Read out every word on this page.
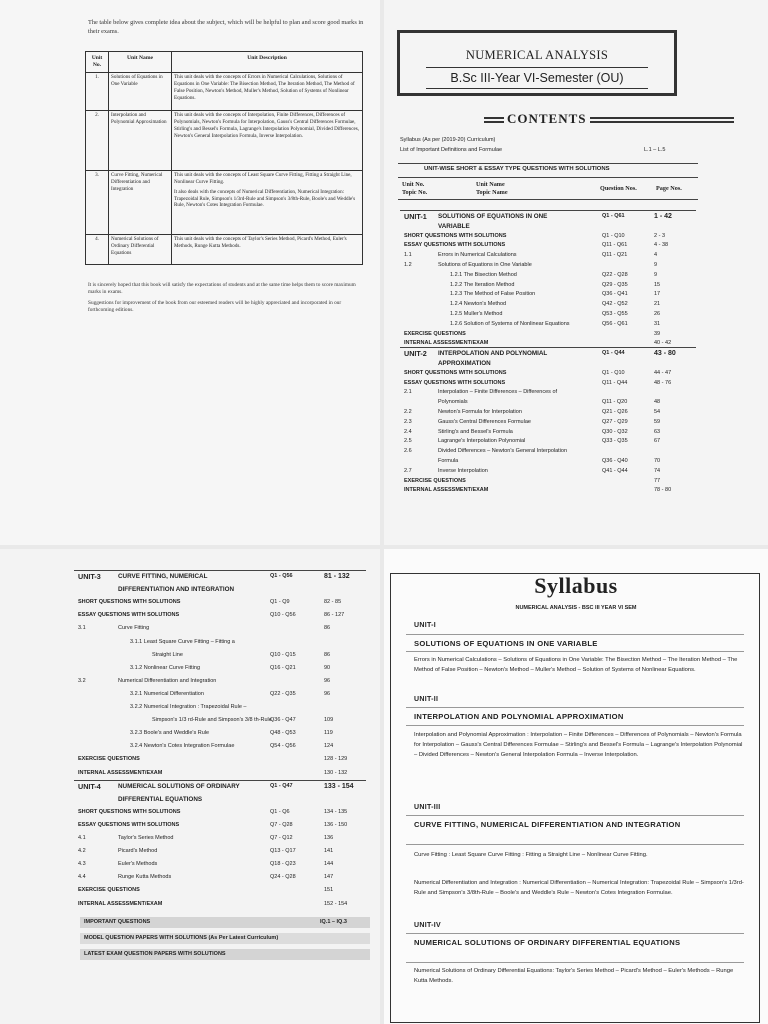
The table below gives complete idea about the subject, which will be helpful to plan and score good marks in their exams.
Unit No.	Unit Name	Unit Description
1.	Solutions of Equations in One Variable	This unit deals with the concepts of Errors in Numerical Calculations, Solutions of Equations in One Variable: The Bisection Method, The Iteration Method, The Method of False Position, Newton's Method, Muller's Method, Solution of Systems of Nonlinear Equations.
2.	Interpolation and Polynomial Approximation	This unit deals with the concepts of Interpolation, Finite Differences, Differences of Polynomials, Newton's Formula for Interpolation, Gauss's Central Differences Formulae, Stirling's and Bessel's Formula, Lagrange's Interpolation Polynomial, Divided Differences, Newton's General Interpolation Formula, Inverse Interpolation.
3.	Curve Fitting, Numerical Differentiation and Integration	This unit deals with the concepts of Least Square Curve Fitting, Fitting a Straight Line, Nonlinear Curve Fitting.
It also deals with the concepts of Numerical Differentiation, Numerical Integration: Trapezoidal Rule, Simpson's 1/3rd-Rule and Simpson's 3/8th-Rule, Boole's and Weddle's Rule, Newton's Cotes Integration Formulae.

4.	Numerical Solutions of Ordinary Differential Equations	This unit deals with the concepts of Taylor's Series Method, Picard's Method, Euler's Methods, Runge Kutta Methods.
It is sincerely hoped that this book will satisfy the expectations of students and at the same time helps them to score maximum marks in exams.
Suggestions for improvement of the book from our esteemed readers will be highly appreciated and incorporated in our forthcoming editions.
NUMERICAL ANALYSIS
B.Sc III-Year VI-Semester (OU)
CONTENTS
Syllabus (As per (2019-20) Curriculum)
List of Important Definitions and Formulae	L.1 – L.5
UNIT-WISE SHORT & ESSAY TYPE QUESTIONS WITH SOLUTIONS
Unit No.
Topic No.
Unit Name
Topic Name
Question Nos.	Page Nos.
UNIT-1 SOLUTIONS OF EQUATIONS IN ONE	Q1 - Q61	1 - 42
VARIABLE
SHORT QUESTIONS WITH SOLUTIONS	Q1 - Q10	2 - 3
ESSAY QUESTIONS WITH SOLUTIONS	Q11 - Q61	4 - 38
1.1	Errors in Numerical Calculations	Q11 - Q21	4
1.2	Solutions of Equations in One Variable	9
1.2.1 The Bisection Method	Q22 - Q28	9
1.2.2 The Iteration Method	Q29 - Q35	15
1.2.3 The Method of False Position	Q36 - Q41	17
1.2.4 Newton's Method	Q42 - Q52	21
1.2.5 Muller's Method	Q53 - Q55	26
1.2.6 Solution of Systems of Nonlinear Equations	Q56 - Q61	31
EXERCISE QUESTIONS	39
INTERNAL ASSESSMENT/EXAM	40 - 42
UNIT-2 INTERPOLATION AND POLYNOMIAL	Q1 - Q44	43 - 80
APPROXIMATION
SHORT QUESTIONS WITH SOLUTIONS	Q1 - Q10	44 - 47
ESSAY QUESTIONS WITH SOLUTIONS	Q11 - Q44	48 - 76
2.1	Interpolation – Finite Differences – Differences of
Polynomials	Q11 - Q20	48
2.2	Newton's Formula for Interpolation	Q21 - Q26	54
2.3	Gauss's Central Differences Formulae	Q27 - Q29	59
2.4	Stirling's and Bessel's Formula	Q30 - Q32	63
2.5	Lagrange's Interpolation Polynomial	Q33 - Q35	67
2.6	Divided Differences – Newton's General Interpolation
Formula	Q36 - Q40	70
2.7	Inverse Interpolation	Q41 - Q44	74
EXERCISE QUESTIONS	77
INTERNAL ASSESSMENT/EXAM	78 - 80
UNIT-3	CURVE FITTING, NUMERICAL	Q1 - Q56	81 - 132
DIFFERENTIATION AND INTEGRATION
SHORT QUESTIONS WITH SOLUTIONS	Q1 - Q9	82 - 85
ESSAY QUESTIONS WITH SOLUTIONS	Q10 - Q56	86 - 127
3.1	Curve Fitting	86
3.1.1 Least Square Curve Fitting – Fitting a
Straight Line	Q10 - Q15	86
3.1.2 Nonlinear Curve Fitting	Q16 - Q21	90
3.2	Numerical Differentiation and Integration	96
3.2.1 Numerical Differentiation	Q22 - Q35	96
3.2.2 Numerical Integration : Trapezoidal Rule –
Simpson's 1/3 rd-Rule and Simpson's 3/8 th-Rule
Q36 - Q47	109
3.2.3 Boole's and Weddle's Rule	Q48 - Q53	119
3.2.4 Newton's Cotes Integration Formulae	Q54 - Q56	124
EXERCISE QUESTIONS	128 - 129
INTERNAL ASSESSMENT/EXAM	130 - 132
UNIT-4	NUMERICAL SOLUTIONS OF ORDINARY	Q1 - Q47	133 - 154
DIFFERENTIAL EQUATIONS
SHORT QUESTIONS WITH SOLUTIONS	Q1 - Q6	134 - 135
ESSAY QUESTIONS WITH SOLUTIONS	Q7 - Q28	136 - 150
4.1	Taylor's Series Method	Q7 - Q12	136
4.2	Picard's Method	Q13 - Q17	141
4.3	Euler's Methods	Q18 - Q23	144
4.4	Runge Kutta Methods	Q24 - Q28	147
EXERCISE QUESTIONS	151
INTERNAL ASSESSMENT/EXAM	152 - 154
IMPORTANT QUESTIONS	IQ.1 – IQ.3
MODEL QUESTION PAPERS WITH SOLUTIONS (As Per Latest Curriculum)
LATEST EXAM QUESTION PAPERS WITH SOLUTIONS
Syllabus
NUMERICAL ANALYSIS - BSC III YEAR VI SEM
UNIT-I
SOLUTIONS OF EQUATIONS IN ONE VARIABLE
Errors in Numerical Calculations – Solutions of Equations in One Variable: The Bisection Method – The Iteration Method – The Method of False Position – Newton's Method – Muller's Method – Solution of Systems of Nonlinear Equations.
UNIT-II
INTERPOLATION AND POLYNOMIAL APPROXIMATION
Interpolation and Polynomial Approximation : Interpolation – Finite Differences – Differences of Polynomials – Newton's Formula for Interpolation – Gauss's Central Differences Formulae – Stirling's and Bessel's Formula – Lagrange's Interpolation Polynomial – Divided Differences – Newton's General Interpolation Formula – Inverse Interpolation.
UNIT-III
CURVE FITTING, NUMERICAL DIFFERENTIATION AND INTEGRATION
Curve Fitting : Least Square Curve Fitting : Fitting a Straight Line – Nonlinear Curve Fitting.
Numerical Differentiation and Integration : Numerical Differentiation – Numerical Integration: Trapezoidal Rule – Simpson's 1/3rd-Rule and Simpson's 3/8th-Rule – Boole's and Weddle's Rule – Newton's Cotes Integration Formulae.
UNIT-IV
NUMERICAL SOLUTIONS OF ORDINARY DIFFERENTIAL EQUATIONS
Numerical Solutions of Ordinary Differential Equations: Taylor's Series Method – Picard's Method – Euler's Methods – Runge Kutta Methods.
